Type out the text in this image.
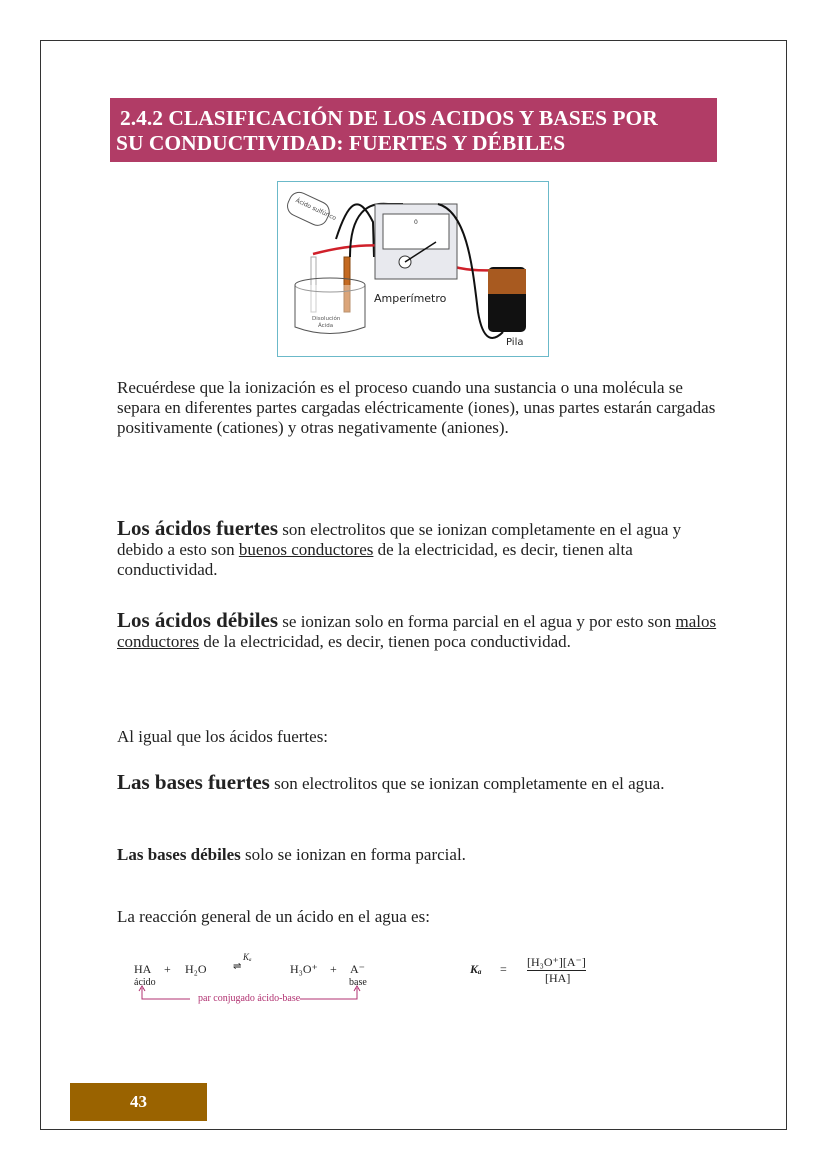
2.4.2 CLASIFICACIÓN DE LOS ACIDOS Y BASES POR
SU CONDUCTIVIDAD: FUERTES Y DÉBILES
Ácido sulfúrico
Disolución
Ácida
0
Amperímetro
Pila
Recuérdese que la ionización es el proceso cuando una sustancia o una molécula se separa en diferentes partes cargadas eléctricamente (iones), unas partes estarán cargadas positivamente (cationes) y otras negativamente (aniones).
Los ácidos fuertes son electrolitos que se ionizan completamente en el agua y debido a esto son buenos conductores de la electricidad, es decir, tienen alta conductividad.
Los ácidos débiles se ionizan solo en forma parcial en el agua y por esto son malos conductores de la electricidad, es decir, tienen poca conductividad.
Al igual que los ácidos fuertes:
Las bases fuertes son electrolitos que se ionizan completamente en el agua.
Las bases débiles solo se ionizan en forma parcial.
La reacción general de un ácido en el agua es:
HA + H₂O
Kₐ
⇌	H₃O⁺ + A⁻
ácido	base
par conjugado ácido-base
Kₐ = [H₃O⁺][A⁻]
[HA]
43
